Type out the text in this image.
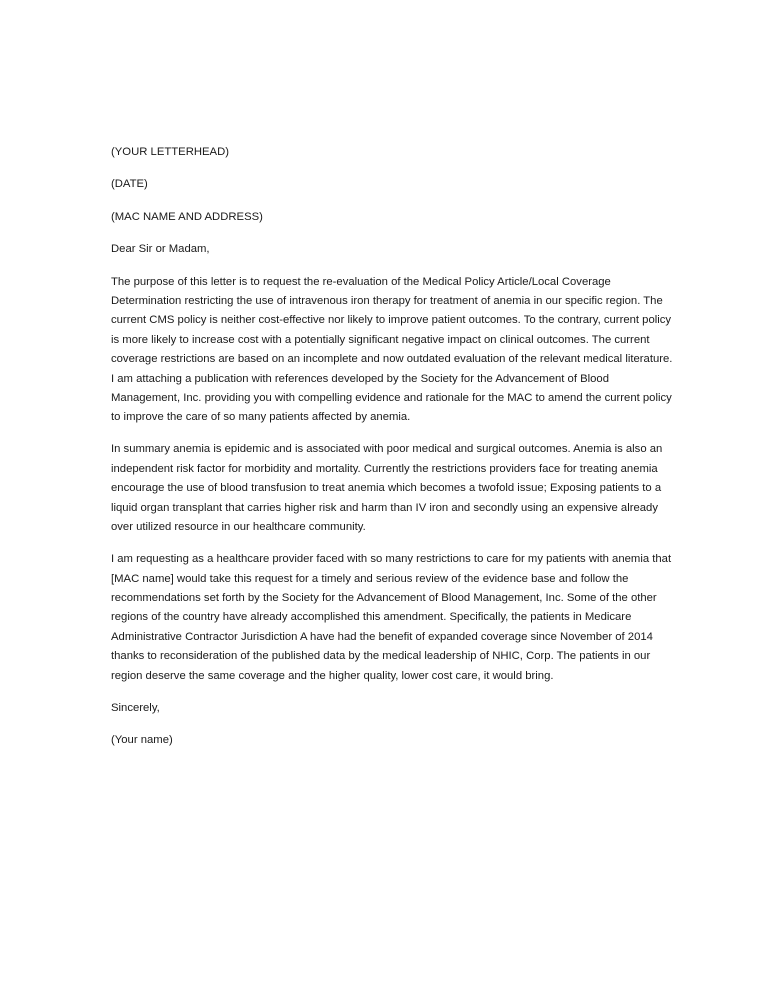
(YOUR LETTERHEAD)

(DATE)

(MAC NAME AND ADDRESS)

Dear Sir or Madam,

The purpose of this letter is to request the re-evaluation of the Medical Policy Article/Local Coverage Determination restricting the use of intravenous iron therapy for treatment of anemia in our specific region. The current CMS policy is neither cost-effective nor likely to improve patient outcomes. To the contrary, current policy is more likely to increase cost with a potentially significant negative impact on clinical outcomes. The current coverage restrictions are based on an incomplete and now outdated evaluation of the relevant medical literature. I am attaching a publication with references developed by the Society for the Advancement of Blood Management, Inc. providing you with compelling evidence and rationale for the MAC to amend the current policy to improve the care of so many patients affected by anemia.

In summary anemia is epidemic and is associated with poor medical and surgical outcomes. Anemia is also an independent risk factor for morbidity and mortality. Currently the restrictions providers face for treating anemia encourage the use of blood transfusion to treat anemia which becomes a twofold issue; Exposing patients to a liquid organ transplant that carries higher risk and harm than IV iron and secondly using an expensive already over utilized resource in our healthcare community.

I am requesting as a healthcare provider faced with so many restrictions to care for my patients with anemia that [MAC name] would take this request for a timely and serious review of the evidence base and follow the recommendations set forth by the Society for the Advancement of Blood Management, Inc. Some of the other regions of the country have already accomplished this amendment. Specifically, the patients in Medicare Administrative Contractor Jurisdiction A have had the benefit of expanded coverage since November of 2014 thanks to reconsideration of the published data by the medical leadership of NHIC, Corp. The patients in our region deserve the same coverage and the higher quality, lower cost care, it would bring.

Sincerely,

(Your name)
